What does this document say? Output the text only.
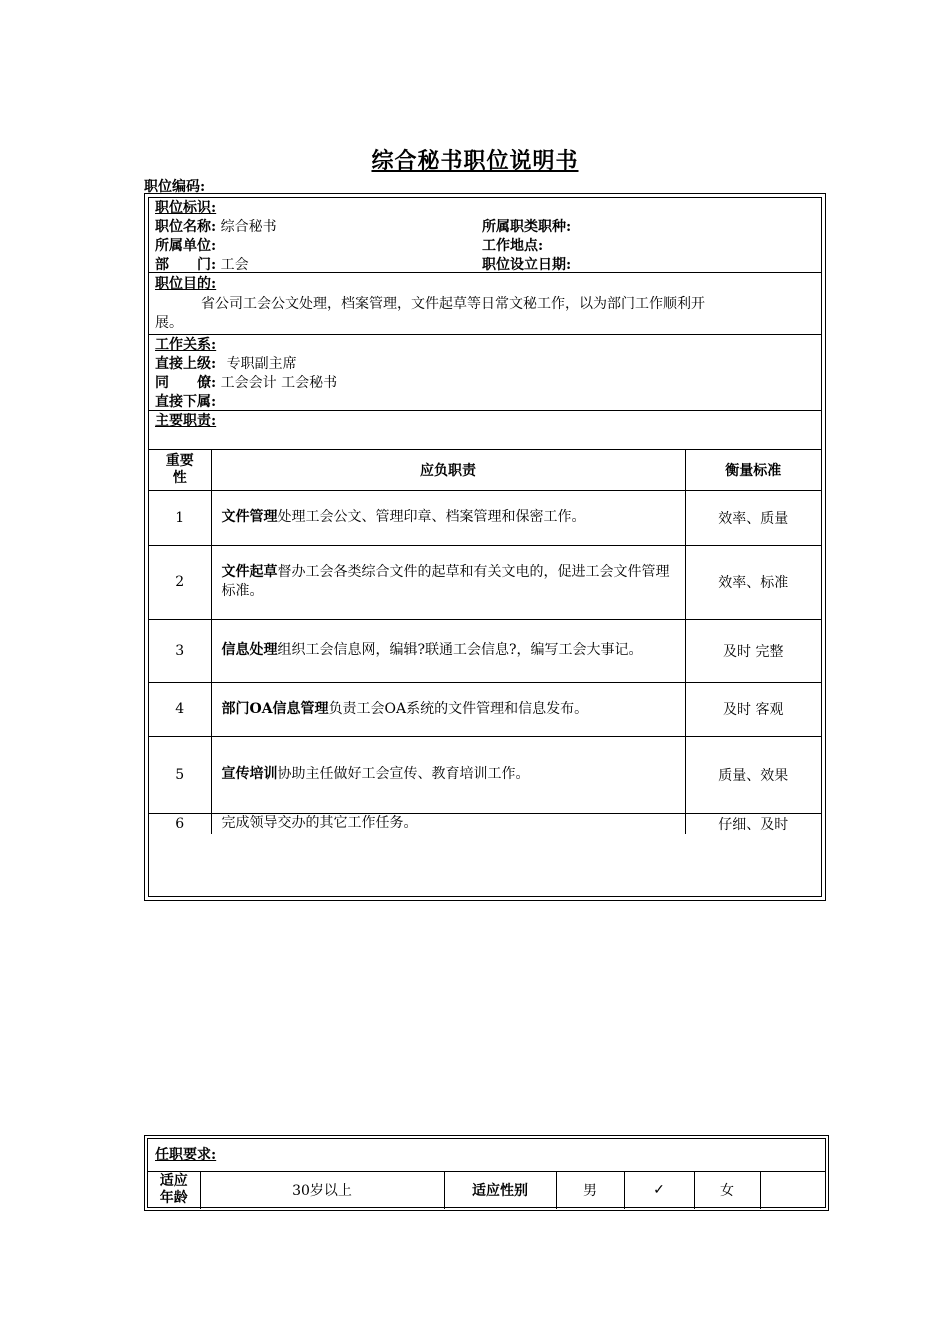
综合秘书职位说明书
职位编码:
职位标识:
职位名称: 综合秘书	所属职类职种:
所属单位:	工作地点:
部　　门: 工会	职位设立日期:
职位目的:
省公司工会公文处理，档案管理，文件起草等日常文秘工作，以为部门工作顺利开
展。
工作关系:
直接上级: 专职副主席
同　　僚: 工会会计 工会秘书
直接下属:
主要职责:
重要性	应负职责	衡量标准
1	文件管理处理工会公文、管理印章、档案管理和保密工作。	效率、质量
2	文件起草督办工会各类综合文件的起草和有关文电的，促进工会文件管理标准。	效率、标准
3	信息处理组织工会信息网，编辑?联通工会信息?，编写工会大事记。	及时 完整
4	部门OA信息管理负责工会OA系统的文件管理和信息发布。	及时 客观
5	宣传培训协助主任做好工会宣传、教育培训工作。	质量、效果
6	完成领导交办的其它工作任务。	仔细、及时
任职要求:
适应年龄	30岁以上	适应性别	男	✓	女	
